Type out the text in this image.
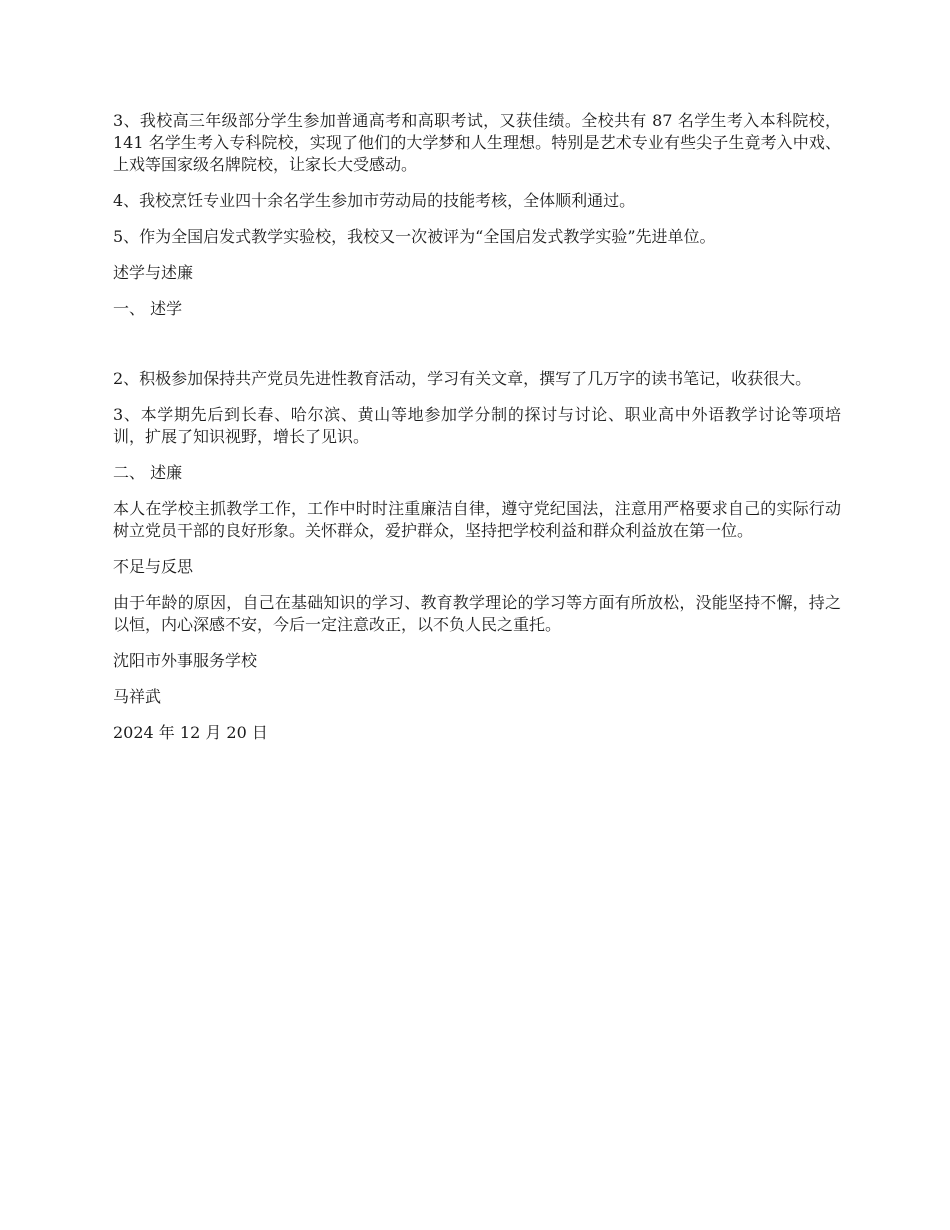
3、我校高三年级部分学生参加普通高考和高职考试，又获佳绩。全校共有 87 名学生考入本科院校，141 名学生考入专科院校，实现了他们的大学梦和人生理想。特别是艺术专业有些尖子生竟考入中戏、上戏等国家级名牌院校，让家长大受感动。

4、我校烹饪专业四十余名学生参加市劳动局的技能考核，全体顺利通过。

5、作为全国启发式教学实验校，我校又一次被评为“全国启发式教学实验”先进单位。

述学与述廉

一、 述学

2、积极参加保持共产党员先进性教育活动，学习有关文章，撰写了几万字的读书笔记，收获很大。

3、本学期先后到长春、哈尔滨、黄山等地参加学分制的探讨与讨论、职业高中外语教学讨论等项培训，扩展了知识视野，增长了见识。

二、 述廉

本人在学校主抓教学工作，工作中时时注重廉洁自律，遵守党纪国法，注意用严格要求自己的实际行动树立党员干部的良好形象。关怀群众，爱护群众，坚持把学校利益和群众利益放在第一位。

不足与反思

由于年龄的原因，自己在基础知识的学习、教育教学理论的学习等方面有所放松，没能坚持不懈，持之以恒，内心深感不安，今后一定注意改正，以不负人民之重托。

沈阳市外事服务学校

马祥武

2024 年 12 月 20 日
